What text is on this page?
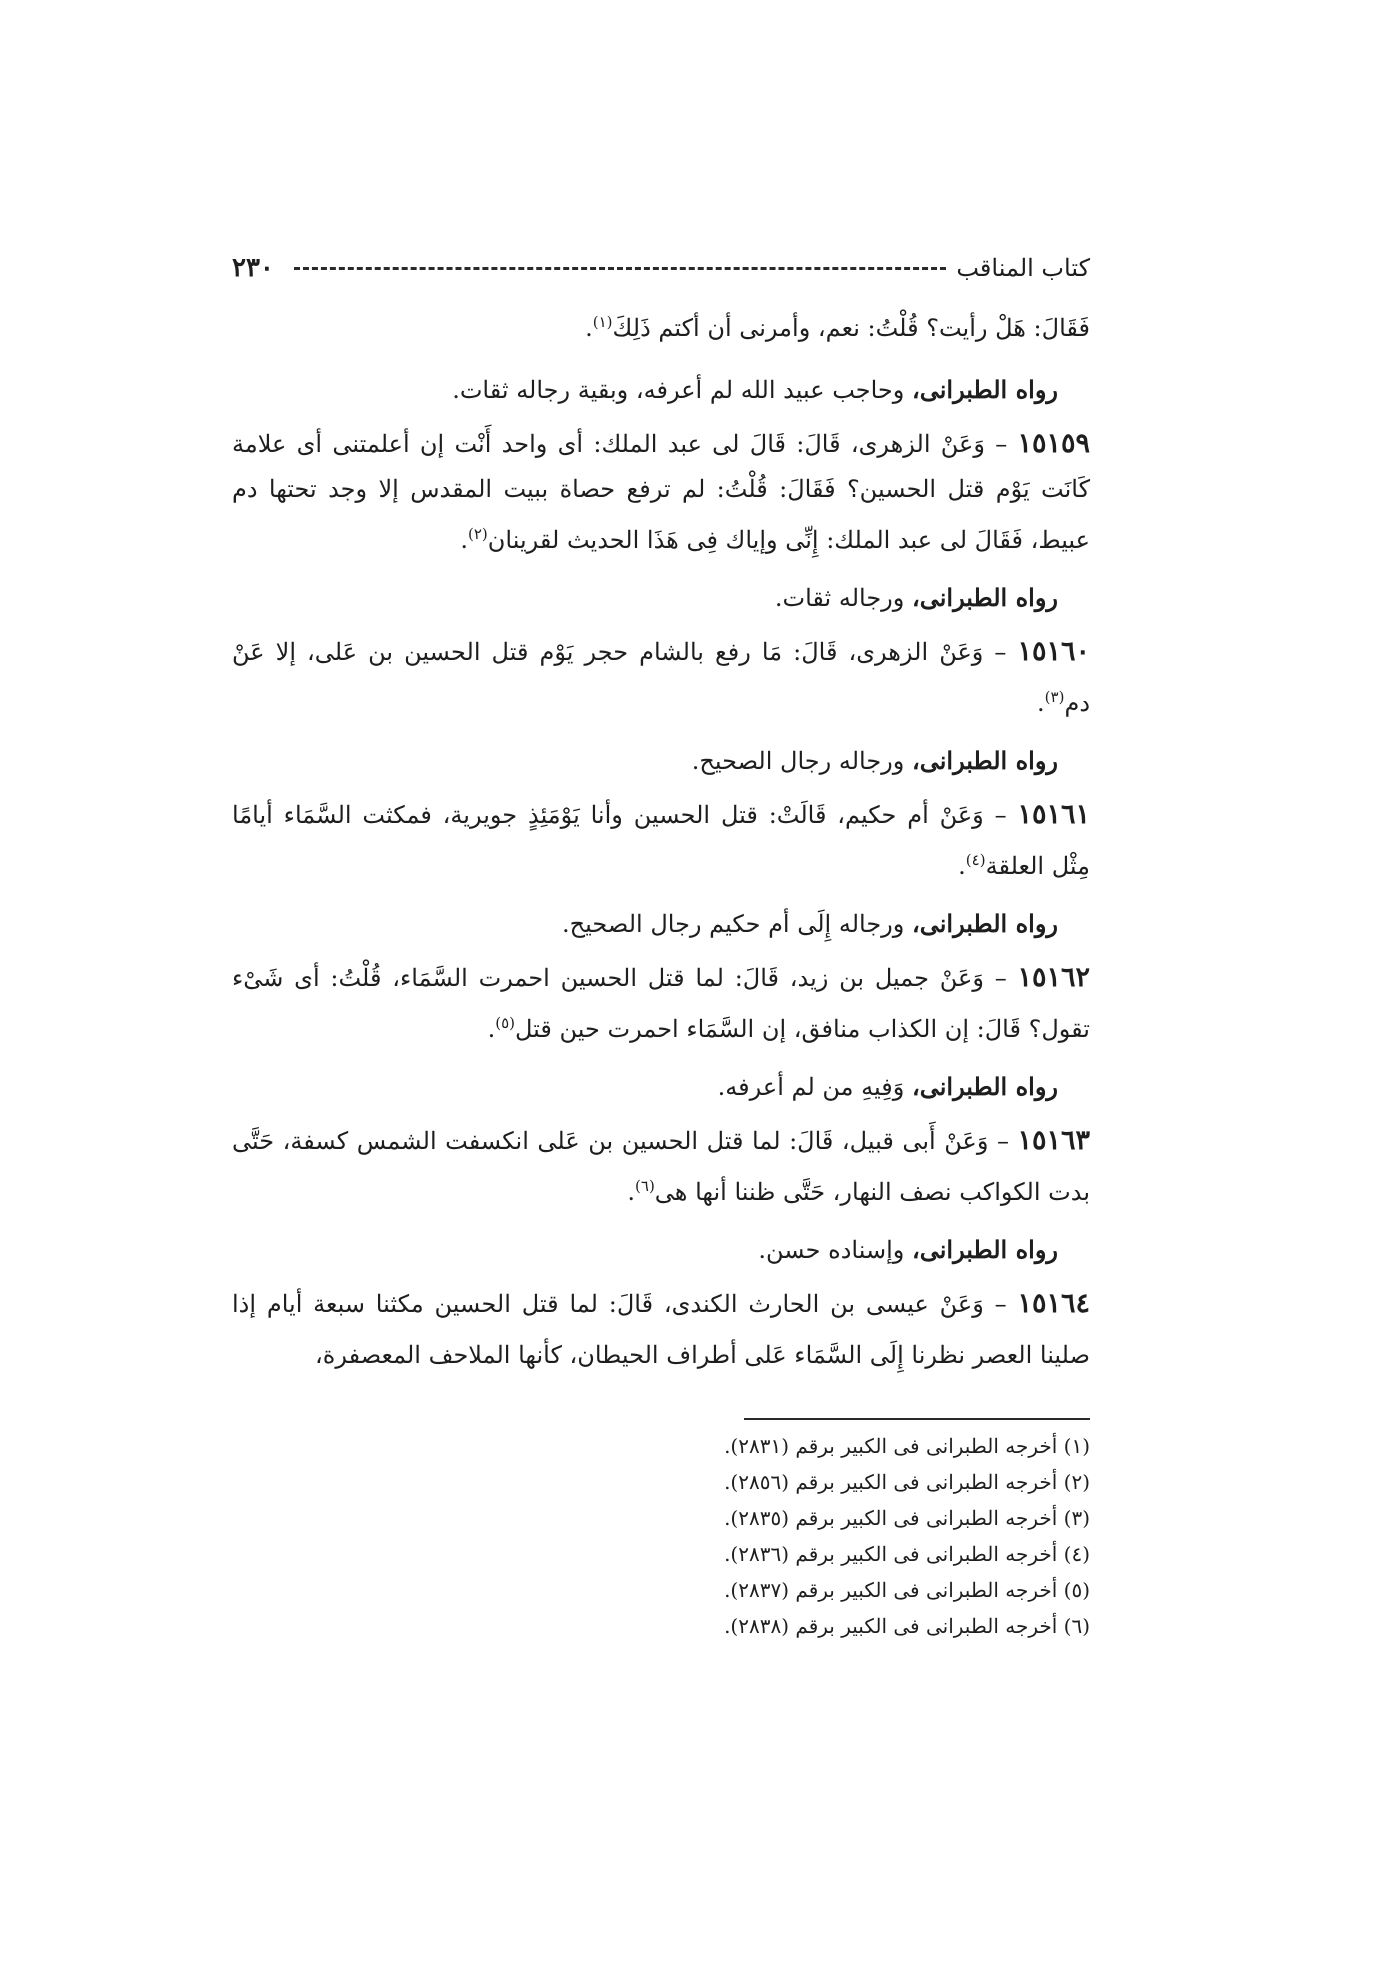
٢٣٠	كتاب المناقب

فَقَالَ: هَلْ رأيت؟ قُلْتُ: نعم، وأمرنى أن أكتم ذَلِكَ$^{(١)}$.

رواه الطبرانى، وحاجب عبيد الله لم أعرفه، وبقية رجاله ثقات.

١٥١٥٩ – وَعَنْ الزهرى، قَالَ: قَالَ لى عبد الملك: أى واحد أَنْت إن أعلمتنى أى علامة كَانَت يَوْم قتل الحسين؟ فَقَالَ: قُلْتُ: لم ترفع حصاة ببيت المقدس إلا وجد تحتها دم عبيط، فَقَالَ لى عبد الملك: إِنِّى وإياك فِى هَذَا الحديث لقرينان$^{(٢)}$.

رواه الطبرانى، ورجاله ثقات.

١٥١٦٠ – وَعَنْ الزهرى، قَالَ: مَا رفع بالشام حجر يَوْم قتل الحسين بن عَلى، إلا عَنْ دم$^{(٣)}$.

رواه الطبرانى، ورجاله رجال الصحيح.

١٥١٦١ – وَعَنْ أم حكيم، قَالَتْ: قتل الحسين وأنا يَوْمَئِذٍ جويرية، فمكثت السَّمَاء أيامًا مِثْل العلقة$^{(٤)}$.

رواه الطبرانى، ورجاله إِلَى أم حكيم رجال الصحيح.

١٥١٦٢ – وَعَنْ جميل بن زيد، قَالَ: لما قتل الحسين احمرت السَّمَاء، قُلْتُ: أى شَىْء تقول؟ قَالَ: إن الكذاب منافق، إن السَّمَاء احمرت حين قتل$^{(٥)}$.

رواه الطبرانى، وَفِيهِ من لم أعرفه.

١٥١٦٣ – وَعَنْ أَبى قبيل، قَالَ: لما قتل الحسين بن عَلى انكسفت الشمس كسفة، حَتَّى بدت الكواكب نصف النهار، حَتَّى ظننا أنها هى$^{(٦)}$.

رواه الطبرانى، وإسناده حسن.

١٥١٦٤ – وَعَنْ عيسى بن الحارث الكندى، قَالَ: لما قتل الحسين مكثنا سبعة أيام إذا صلينا العصر نظرنا إِلَى السَّمَاء عَلى أطراف الحيطان، كأنها الملاحف المعصفرة،

(١) أخرجه الطبرانى فى الكبير برقم (٢٨٣١).
(٢) أخرجه الطبرانى فى الكبير برقم (٢٨٥٦).
(٣) أخرجه الطبرانى فى الكبير برقم (٢٨٣٥).
(٤) أخرجه الطبرانى فى الكبير برقم (٢٨٣٦).
(٥) أخرجه الطبرانى فى الكبير برقم (٢٨٣٧).
(٦) أخرجه الطبرانى فى الكبير برقم (٢٨٣٨).
